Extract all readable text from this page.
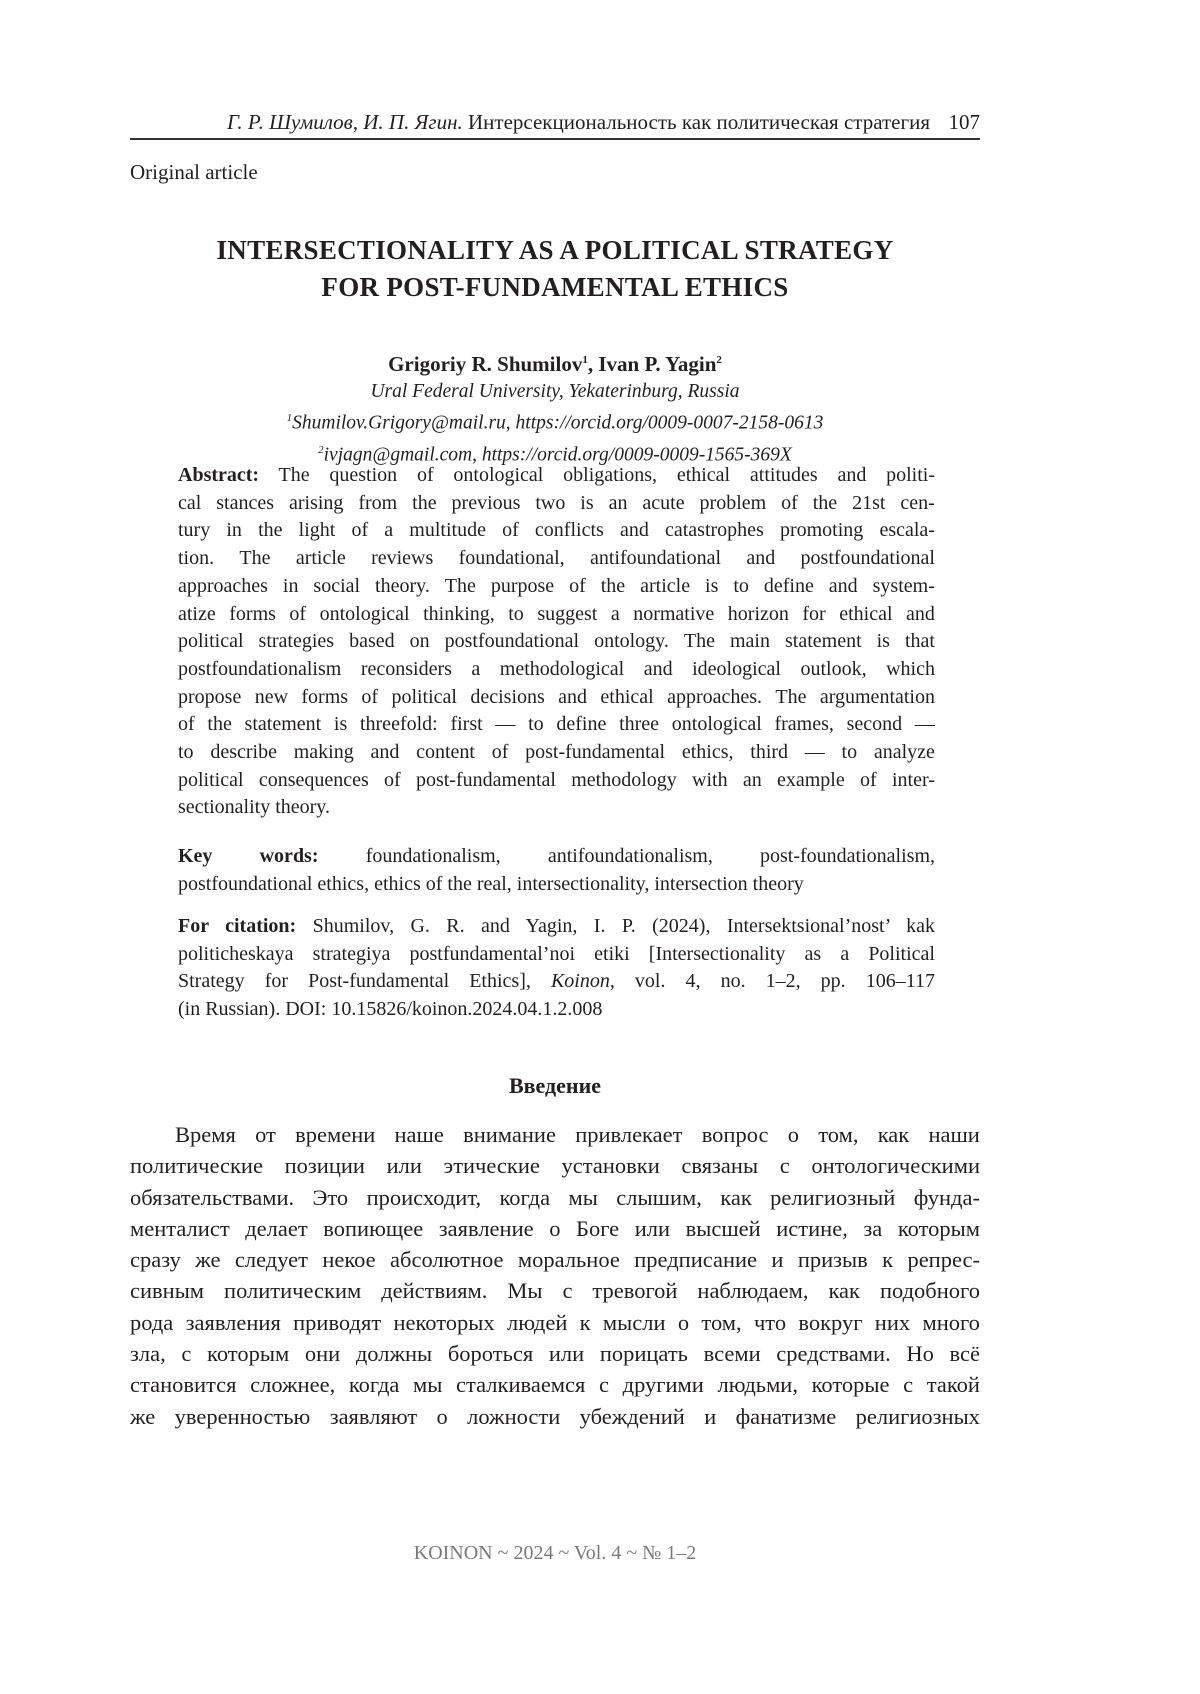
Г. Р. Шумилов, И. П. Ягин. Интерсекциональность как политическая стратегия 107
Original article
INTERSECTIONALITY AS A POLITICAL STRATEGY
FOR POST-FUNDAMENTAL ETHICS
Grigoriy R. Shumilov1, Ivan P. Yagin2
Ural Federal University, Yekaterinburg, Russia
1Shumilov.Grigory@mail.ru, https://orcid.org/0009-0007-2158-0613
2ivjagn@gmail.com, https://orcid.org/0009-0009-1565-369X
Abstract: The question of ontological obligations, ethical attitudes and politi-
cal stances arising from the previous two is an acute problem of the 21st cen-
tury in the light of a multitude of conflicts and catastrophes promoting escala-
tion. The article reviews foundational, antifoundational and postfoundational
approaches in social theory. The purpose of the article is to define and system-
atize forms of ontological thinking, to suggest a normative horizon for ethical and
political strategies based on postfoundational ontology. The main statement is that
postfoundationalism reconsiders a methodological and ideological outlook, which
propose new forms of political decisions and ethical approaches. The argumentation
of the statement is threefold: first — to define three ontological frames, second —
to describe making and content of post-fundamental ethics, third — to analyze
political consequences of post-fundamental methodology with an example of inter-
sectionality theory.
Key words: foundationalism, antifoundationalism, post-foundationalism,
postfoundational ethics, ethics of the real, intersectionality, intersection theory
For citation: Shumilov, G. R. and Yagin, I. P. (2024), Intersektsional’nost’ kak
politicheskaya strategiya postfundamental’noi etiki [Intersectionality as a Political
Strategy for Post-fundamental Ethics], Koinon, vol. 4, no. 1–2, pp. 106–117
(in Russian). DOI: 10.15826/koinon.2024.04.1.2.008
Введение
Время от времени наше внимание привлекает вопрос о том, как наши
политические позиции или этические установки связаны с онтологическими
обязательствами. Это происходит, когда мы слышим, как религиозный фунда-
менталист делает вопиющее заявление о Боге или высшей истине, за которым
сразу же следует некое абсолютное моральное предписание и призыв к репрес-
сивным политическим действиям. Мы с тревогой наблюдаем, как подобного
рода заявления приводят некоторых людей к мысли о том, что вокруг них много
зла, с которым они должны бороться или порицать всеми средствами. Но всё
становится сложнее, когда мы сталкиваемся с другими людьми, которые с такой
же уверенностью заявляют о ложности убеждений и фанатизме религиозных
KOINON ~ 2024 ~ Vol. 4 ~ № 1–2
